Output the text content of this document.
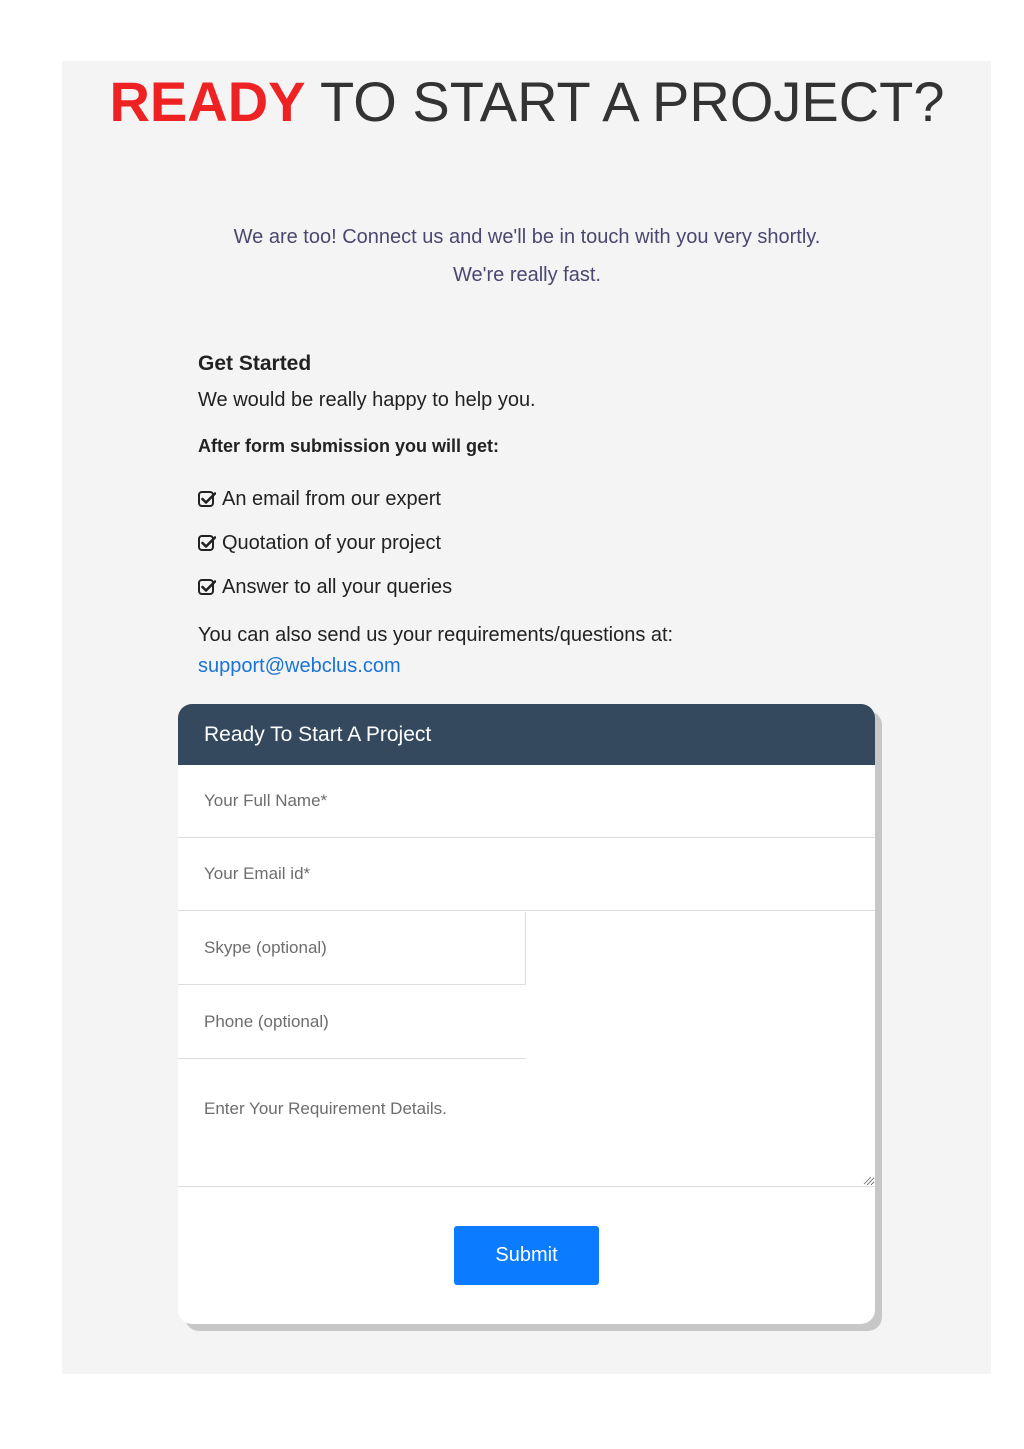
READY TO START A PROJECT?

We are too! Connect us and we'll be in touch with you very shortly.

We're really fast.

Get Started

We would be really happy to help you.

After form submission you will get:

An email from our expert
Quotation of your project
Answer to all your queries

You can also send us your requirements/questions at:

support@webclus.com
Ready To Start A Project
Your Full Name*
Your Email id*
Skype (optional)
Phone (optional)
Enter Your Requirement Details.
Submit
